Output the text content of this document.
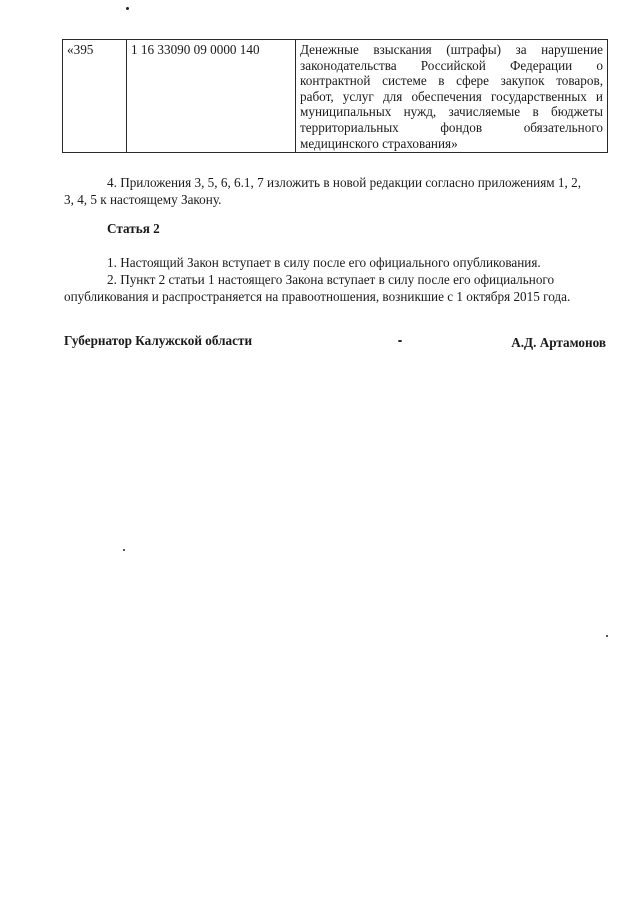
«395	1 16 33090 09 0000 140	Денежные взыскания (штрафы) за нарушение
законодательства Российской Федерации о
контрактной системе в сфере закупок товаров,
работ, услуг для обеспечения государственных и
муниципальных нужд, зачисляемые в бюджеты
территориальных фондов обязательного
медицинского страхования»
4. Приложения 3, 5, 6, 6.1, 7 изложить в новой редакции согласно приложениям 1, 2,
3, 4, 5 к настоящему Закону.
Статья 2
1. Настоящий Закон вступает в силу после его официального опубликования.
2. Пункт 2 статьи 1 настоящего Закона вступает в силу после его официального
опубликования и распространяется на правоотношения, возникшие с 1 октября 2015 года.
Губернатор Калужской области	А.Д. Артамонов
